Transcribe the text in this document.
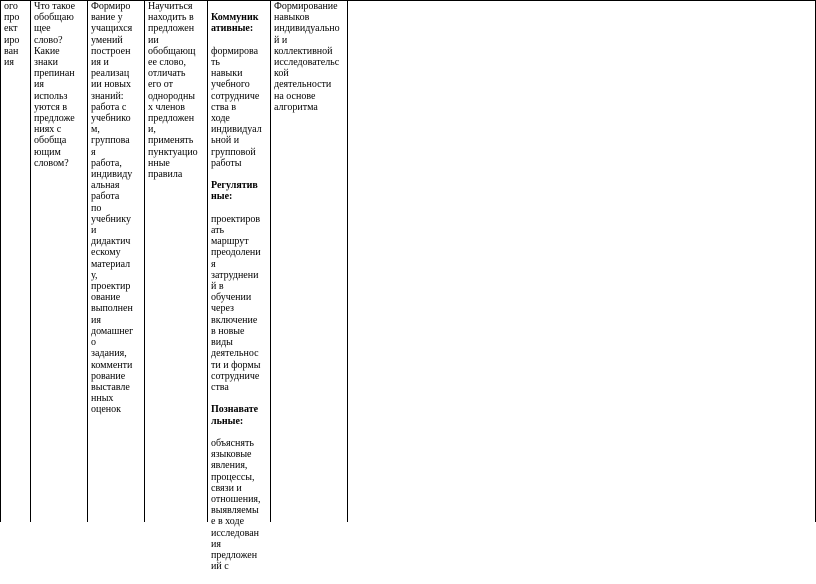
ого
про
ект
иро
ван
ия
Что такое
обобщаю
щее
слово?
Какие
знаки
препинан
ия
использ
уются в
предложе
ниях с
обобща
ющим
словом?
Формиро
вание у
учащихся
умений
построен
ия и
реализац
ии новых
знаний:
работа с
учебнико
м,
группова
я
работа,
индивиду
альная
работа
по
учебнику
и
дидактич
ескому
материал
у,
проектир
ование
выполнен
ия
домашнег
о
задания,
комменти
рование
выставле
нных
оценок
Научиться
находить в
предложен
ии
обобщающ
ее слово,
отличать
его от
однородны
х членов
предложен
и,
применять
пунктуацио
нные
правила

Коммуник
ативные:

формирова
ть
навыки
учебного
сотрудниче
ства в
ходе
индивидуал
ьной и
групповой
работы

Регулятив
ные:

проектиров
ать
маршрут
преодолени
я
затруднени
й в
обучении
через
включение
в новые
виды
деятельнос
ти и формы
сотрудниче
ства

Познавате
льные:

объяснять
языковые
явления,
процессы,
связи и
отношения,
выявляемы
е в ходе
исследован
ия
предложен
ий с

Формирование
навыков
индивидуально
й и
коллективной
исследовательс
кой
деятельности
на основе
алгоритма
